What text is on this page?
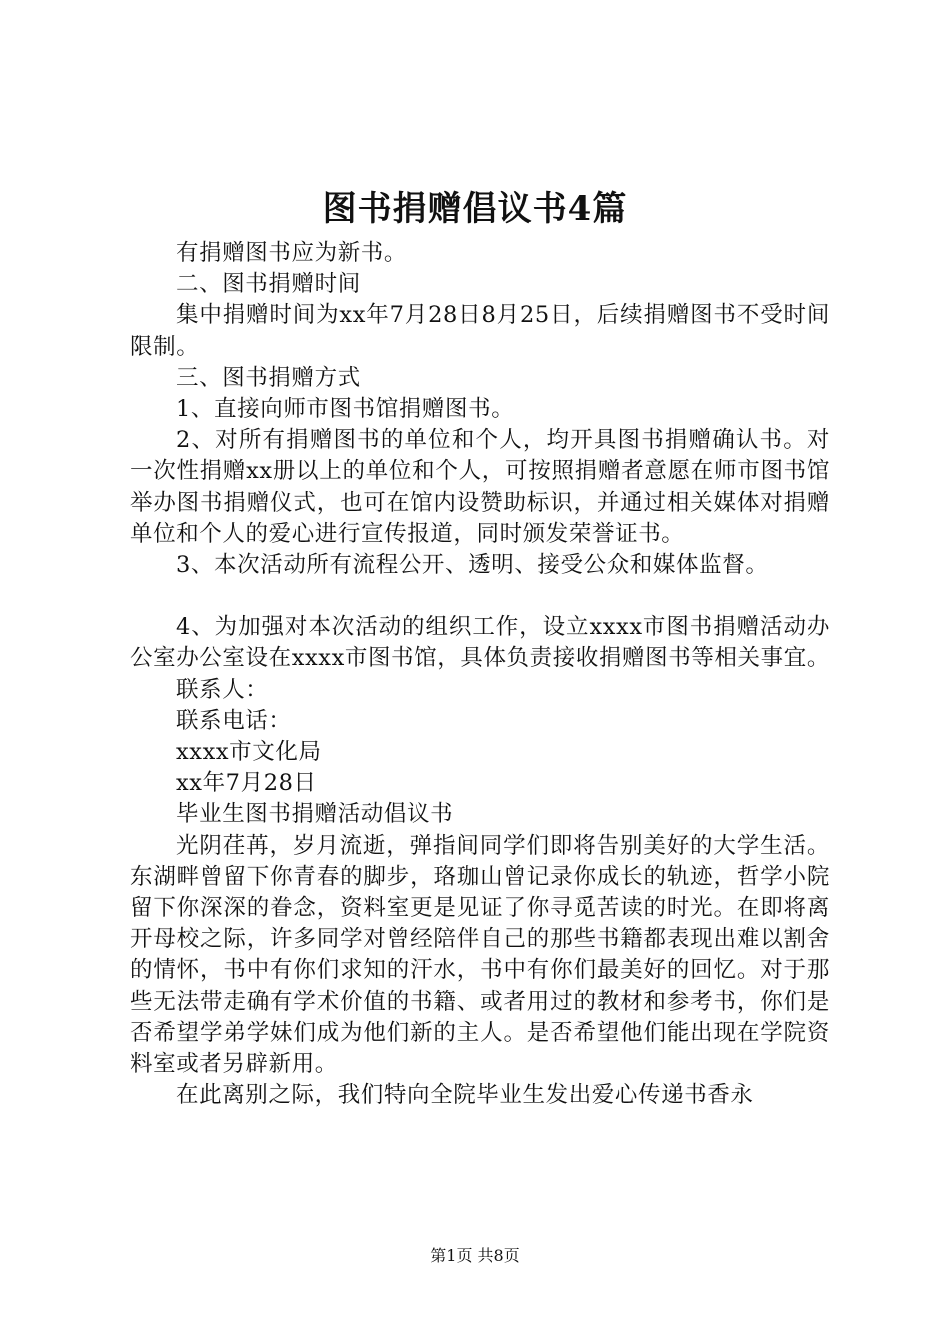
图书捐赠倡议书4篇

有捐赠图书应为新书。

二、图书捐赠时间

集中捐赠时间为xx年7月28日8月25日，后续捐赠图书不受时间限制。

三、图书捐赠方式

1、直接向师市图书馆捐赠图书。

2、对所有捐赠图书的单位和个人，均开具图书捐赠确认书。对一次性捐赠xx册以上的单位和个人，可按照捐赠者意愿在师市图书馆举办图书捐赠仪式，也可在馆内设赞助标识，并通过相关媒体对捐赠单位和个人的爱心进行宣传报道，同时颁发荣誉证书。

3、本次活动所有流程公开、透明、接受公众和媒体监督。

4、为加强对本次活动的组织工作，设立xxxx市图书捐赠活动办公室办公室设在xxxx市图书馆，具体负责接收捐赠图书等相关事宜。

联系人：

联系电话：

xxxx市文化局

xx年7月28日

毕业生图书捐赠活动倡议书

光阴荏苒，岁月流逝，弹指间同学们即将告别美好的大学生活。东湖畔曾留下你青春的脚步，珞珈山曾记录你成长的轨迹，哲学小院留下你深深的眷念，资料室更是见证了你寻觅苦读的时光。在即将离开母校之际，许多同学对曾经陪伴自己的那些书籍都表现出难以割舍的情怀，书中有你们求知的汗水，书中有你们最美好的回忆。对于那些无法带走确有学术价值的书籍、或者用过的教材和参考书，你们是否希望学弟学妹们成为他们新的主人。是否希望他们能出现在学院资料室或者另辟新用。

在此离别之际，我们特向全院毕业生发出爱心传递书香永

第1页 共8页
